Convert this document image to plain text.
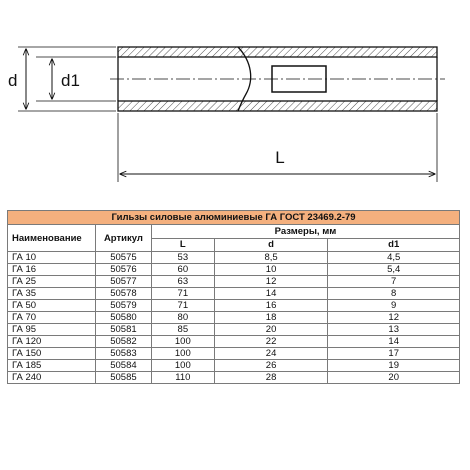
d	d1
L
Гильзы силовые алюминиевые ГА ГОСТ 23469.2-79				
Наименование	Артикул	Размеры, мм		
		L	d	d1
ГА 10	50575	53	8,5	4,5
ГА 16	50576	60	10	5,4
ГА 25	50577	63	12	7
ГА 35	50578	71	14	8
ГА 50	50579	71	16	9
ГА 70	50580	80	18	12
ГА 95	50581	85	20	13
ГА 120	50582	100	22	14
ГА 150	50583	100	24	17
ГА 185	50584	100	26	19
ГА 240	50585	110	28	20
